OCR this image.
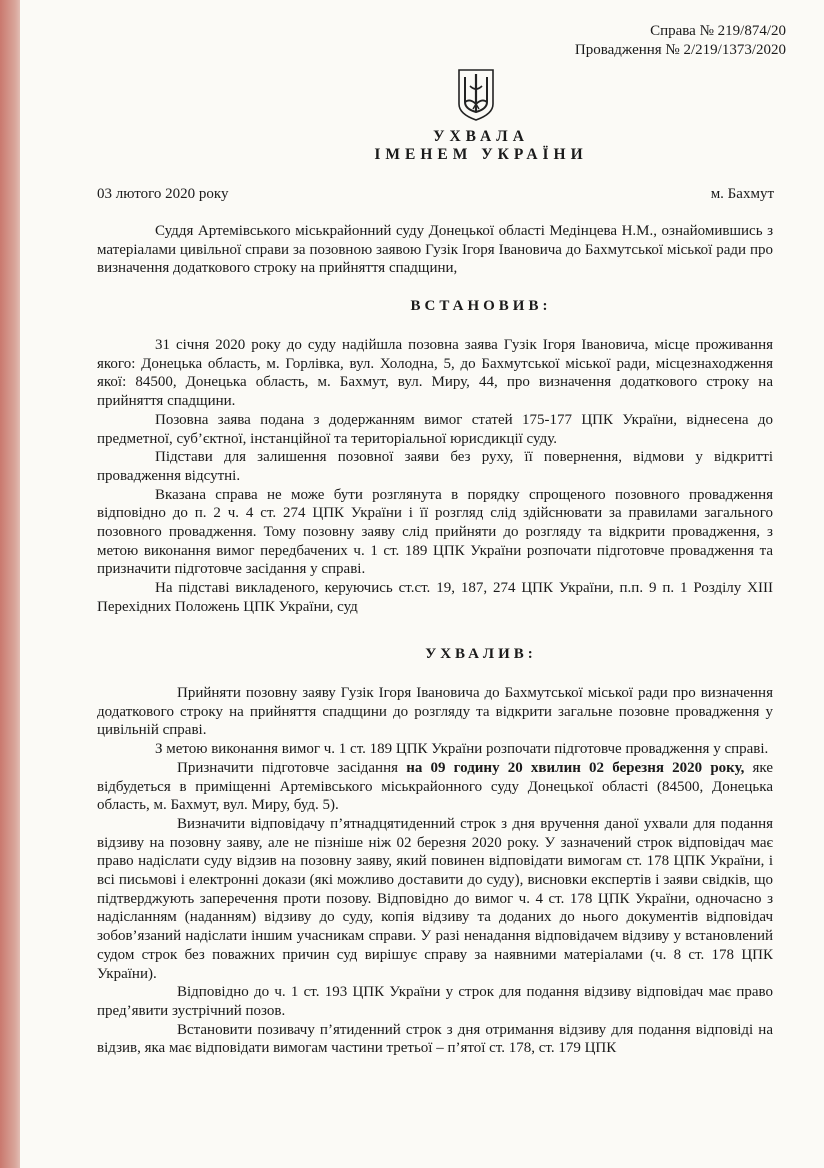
Справа № 219/874/20
Провадження № 2/219/1373/2020
УХВАЛА
ІМЕНЕМ УКРАЇНИ
03 лютого 2020 року	м. Бахмут

Суддя Артемівського міськрайонний суду Донецької області Медінцева Н.М., ознайомившись з матеріалами цивільної справи за позовною заявою Гузік Ігоря Івановича до Бахмутської міської ради про визначення додаткового строку на прийняття спадщини,

ВСТАНОВИВ:

31 січня 2020 року до суду надійшла позовна заява Гузік Ігоря Івановича, місце проживання якого: Донецька область, м. Горлівка, вул. Холодна, 5, до Бахмутської міської ради, місцезнаходження якої: 84500, Донецька область, м. Бахмут, вул. Миру, 44, про визначення додаткового строку на прийняття спадщини.

Позовна заява подана з додержанням вимог статей 175-177 ЦПК України, віднесена до предметної, суб’єктної, інстанційної та територіальної юрисдикції суду.

Підстави для залишення позовної заяви без руху, її повернення, відмови у відкритті провадження відсутні.

Вказана справа не може бути розглянута в порядку спрощеного позовного провадження відповідно до п. 2 ч. 4 ст. 274 ЦПК України і її розгляд слід здійснювати за правилами загального позовного провадження. Тому позовну заяву слід прийняти до розгляду та відкрити провадження, з метою виконання вимог передбачених ч. 1 ст. 189 ЦПК України розпочати підготовче провадження та призначити підготовче засідання у справі.

На підставі викладеного, керуючись ст.ст. 19, 187, 274 ЦПК України, п.п. 9 п. 1 Розділу XIII Перехідних Положень ЦПК України, суд

УХВАЛИВ:

Прийняти позовну заяву Гузік Ігоря Івановича до Бахмутської міської ради про визначення додаткового строку на прийняття спадщини до розгляду та відкрити загальне позовне провадження у цивільній справі.

З метою виконання вимог ч. 1 ст. 189 ЦПК України розпочати підготовче провадження у справі.

Призначити підготовче засідання на 09 годину 20 хвилин 02 березня 2020 року, яке відбудеться в приміщенні Артемівського міськрайонного суду Донецької області (84500, Донецька область, м. Бахмут, вул. Миру, буд. 5).

Визначити відповідачу п’ятнадцятиденний строк з дня вручення даної ухвали для подання відзиву на позовну заяву, але не пізніше ніж 02 березня 2020 року. У зазначений строк відповідач має право надіслати суду відзив на позовну заяву, який повинен відповідати вимогам ст. 178 ЦПК України, і всі письмові і електронні докази (які можливо доставити до суду), висновки експертів і заяви свідків, що підтверджують заперечення проти позову. Відповідно до вимог ч. 4 ст. 178 ЦПК України, одночасно з надісланням (наданням) відзиву до суду, копія відзиву та доданих до нього документів відповідач зобов’язаний надіслати іншим учасникам справи. У разі ненадання відповідачем відзиву у встановлений судом строк без поважних причин суд вирішує справу за наявними матеріалами (ч. 8 ст. 178 ЦПК України).

Відповідно до ч. 1 ст. 193 ЦПК України у строк для подання відзиву відповідач має право пред’явити зустрічний позов.

Встановити позивачу п’ятиденний строк з дня отримання відзиву для подання відповіді на відзив, яка має відповідати вимогам частини третьої – п’ятої ст. 178, ст. 179 ЦПК
